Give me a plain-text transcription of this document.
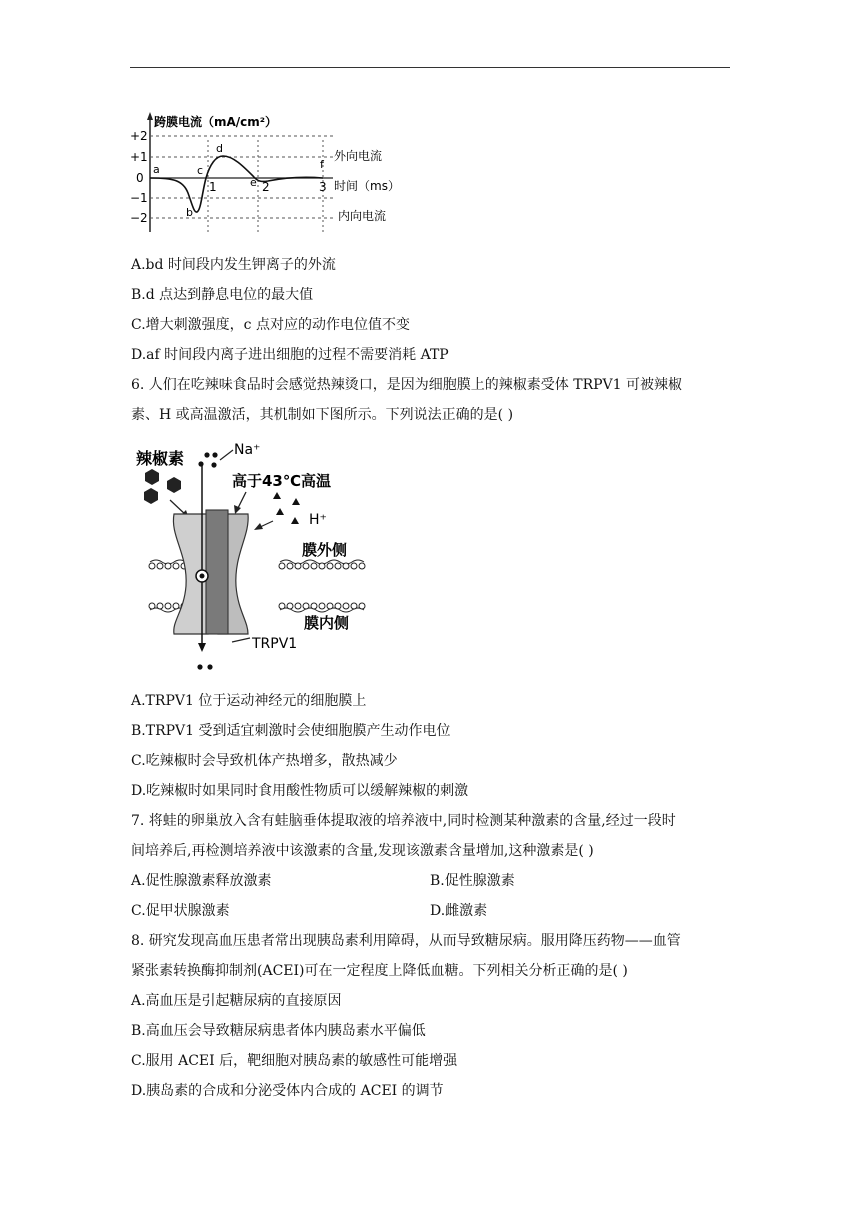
跨膜电流（mA/cm²）
+2
+1
0
−1
−2
a
b
c
d
e
f
1	2	3 时间（ms）
外向电流
内向电流
A.bd 时间段内发生钾离子的外流
B.d 点达到静息电位的最大值
C.增大刺激强度，c 点对应的动作电位值不变
D.af 时间段内离子进出细胞的过程不需要消耗 ATP
6. 人们在吃辣味食品时会感觉热辣烫口，是因为细胞膜上的辣椒素受体 TRPV1 可被辣椒
素、H 或高温激活，其机制如下图所示。下列说法正确的是( )
辣椒素	Na⁺
高于43℃高温
H⁺
膜外侧
膜内侧
TRPV1
A.TRPV1 位于运动神经元的细胞膜上
B.TRPV1 受到适宜刺激时会使细胞膜产生动作电位
C.吃辣椒时会导致机体产热增多，散热减少
D.吃辣椒时如果同时食用酸性物质可以缓解辣椒的刺激
7. 将蛙的卵巢放入含有蛙脑垂体提取液的培养液中,同时检测某种激素的含量,经过一段时
间培养后,再检测培养液中该激素的含量,发现该激素含量增加,这种激素是( )
A.促性腺激素释放激素	B.促性腺激素
C.促甲状腺激素	D.雌激素
8. 研究发现高血压患者常出现胰岛素利用障碍，从而导致糖尿病。服用降压药物——血管
紧张素转换酶抑制剂(ACEI)可在一定程度上降低血糖。下列相关分析正确的是( )
A.高血压是引起糖尿病的直接原因
B.高血压会导致糖尿病患者体内胰岛素水平偏低
C.服用 ACEI 后，靶细胞对胰岛素的敏感性可能增强
D.胰岛素的合成和分泌受体内合成的 ACEI 的调节
